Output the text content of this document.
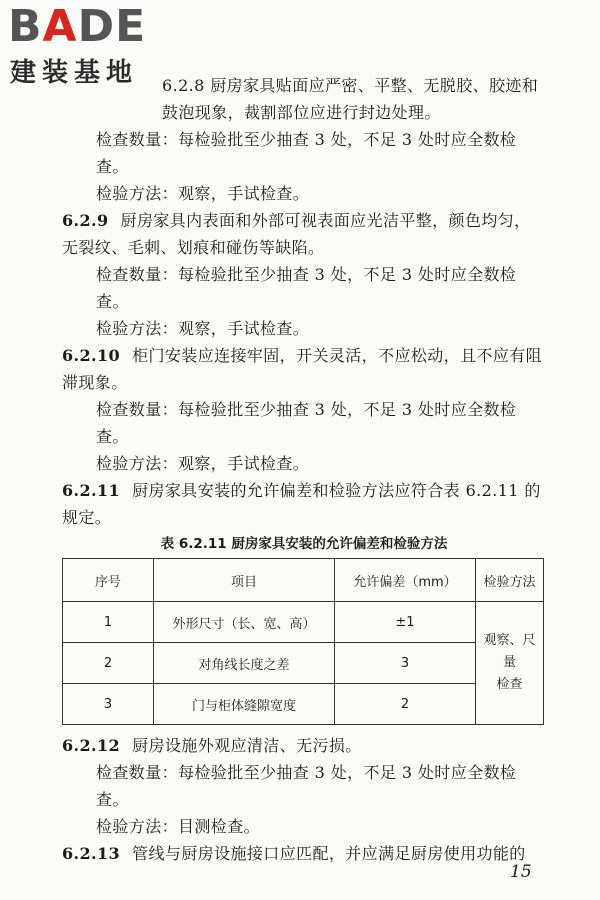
BADE
建装基地	6.2.8 厨房家具贴面应严密、平整、无脱胶、胶迹和鼓泡现象，裁割部位应进行封边处理。

检查数量：每检验批至少抽查 3 处，不足 3 处时应全数检查。

检验方法：观察，手试检查。

6.2.9 厨房家具内表面和外部可视表面应光洁平整，颜色均匀，无裂纹、毛刺、划痕和碰伤等缺陷。

检查数量：每检验批至少抽查 3 处，不足 3 处时应全数检查。

检验方法：观察，手试检查。

6.2.10 柜门安装应连接牢固，开关灵活，不应松动，且不应有阻滞现象。

检查数量：每检验批至少抽查 3 处，不足 3 处时应全数检查。

检验方法：观察，手试检查。

6.2.11 厨房家具安装的允许偏差和检验方法应符合表 6.2.11 的规定。

表 6.2.11 厨房家具安装的允许偏差和检验方法
序号	项目	允许偏差（mm）	检验方法
1	外形尺寸（长、宽、高）	±1	观察、尺量
检查

2	对角线长度之差	3	
3	门与柜体缝隙宽度	2	

6.2.12 厨房设施外观应清洁、无污损。

检查数量：每检验批至少抽查 3 处，不足 3 处时应全数检查。

检验方法：目测检查。

6.2.13 管线与厨房设施接口应匹配，并应满足厨房使用功能的

15
